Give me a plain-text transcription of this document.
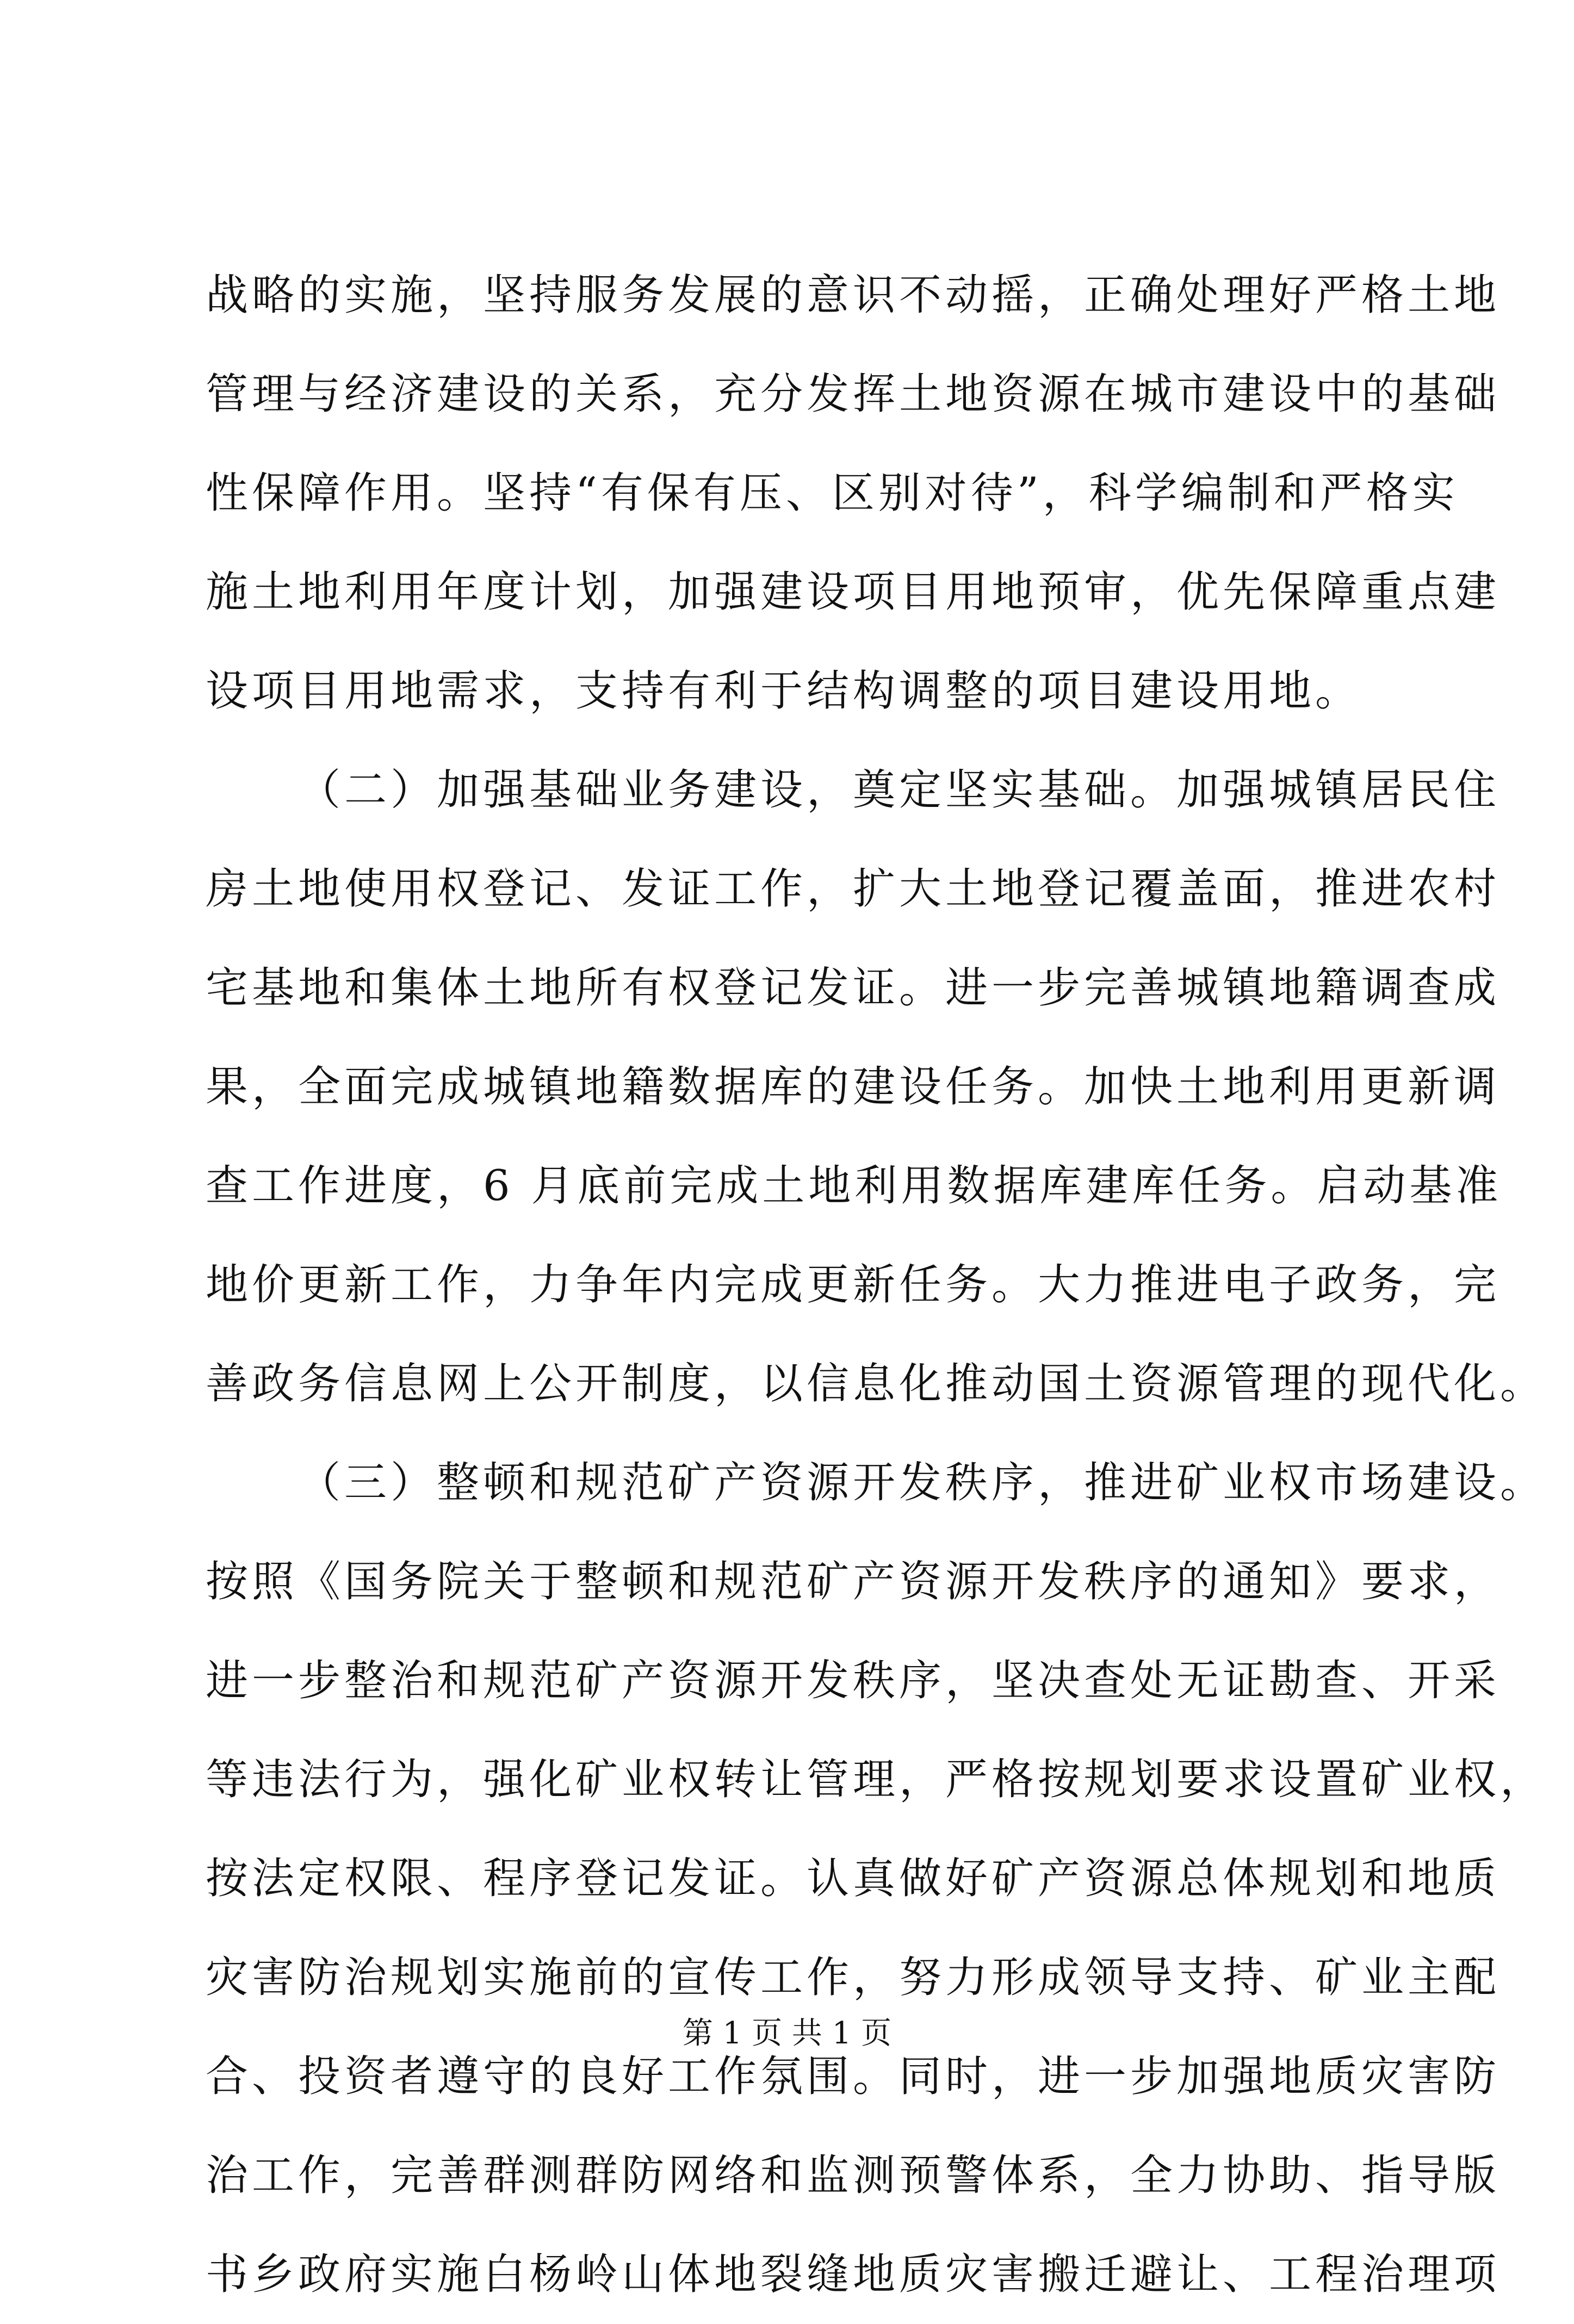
战略的实施，坚持服务发展的意识不动摇，正确处理好严格土地
管理与经济建设的关系，充分发挥土地资源在城市建设中的基础
性保障作用。坚持“有保有压、区别对待”，科学编制和严格实
施土地利用年度计划，加强建设项目用地预审，优先保障重点建
设项目用地需求，支持有利于结构调整的项目建设用地。
（二）加强基础业务建设，奠定坚实基础。加强城镇居民住
房土地使用权登记、发证工作，扩大土地登记覆盖面，推进农村
宅基地和集体土地所有权登记发证。进一步完善城镇地籍调查成
果，全面完成城镇地籍数据库的建设任务。加快土地利用更新调
查工作进度，6 月底前完成土地利用数据库建库任务。启动基准
地价更新工作，力争年内完成更新任务。大力推进电子政务，完
善政务信息网上公开制度，以信息化推动国土资源管理的现代化。
（三）整顿和规范矿产资源开发秩序，推进矿业权市场建设。
按照《国务院关于整顿和规范矿产资源开发秩序的通知》要求，
进一步整治和规范矿产资源开发秩序，坚决查处无证勘查、开采
等违法行为，强化矿业权转让管理，严格按规划要求设置矿业权，
按法定权限、程序登记发证。认真做好矿产资源总体规划和地质
灾害防治规划实施前的宣传工作，努力形成领导支持、矿业主配
合、投资者遵守的良好工作氛围。同时，进一步加强地质灾害防
治工作，完善群测群防网络和监测预警体系，全力协助、指导版
书乡政府实施白杨岭山体地裂缝地质灾害搬迁避让、工程治理项
第 1 页 共 1 页
